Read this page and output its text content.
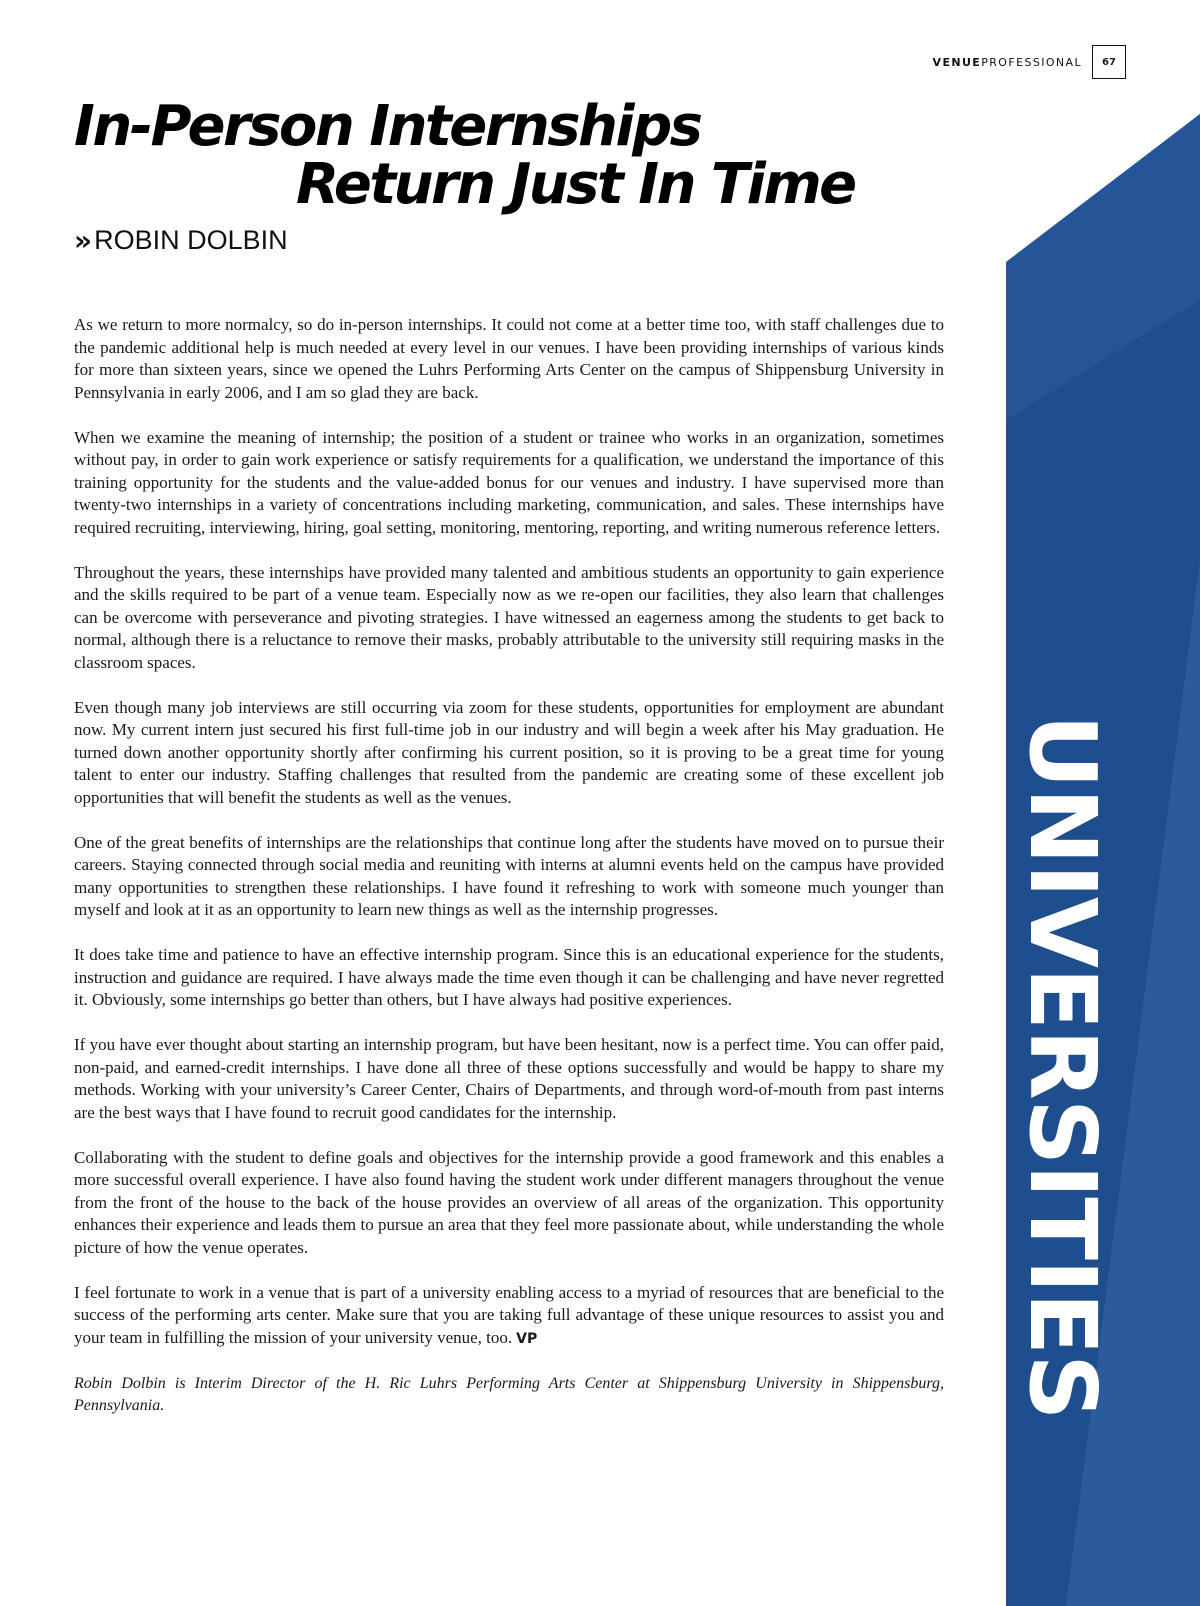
VENUEPROFESSIONAL	67
In-Person Internships
Return Just In Time
» ROBIN DOLBIN

As we return to more normalcy, so do in-person internships. It could not come at a better time too, with staff challenges due to the pandemic additional help is much needed at every level in our venues. I have been providing internships of various kinds for more than sixteen years, since we opened the Luhrs Performing Arts Center on the campus of Shippensburg University in Pennsylvania in early 2006, and I am so glad they are back.

When we examine the meaning of internship; the position of a student or trainee who works in an organization, sometimes without pay, in order to gain work experience or satisfy requirements for a qualification, we understand the importance of this training opportunity for the students and the value-added bonus for our venues and industry. I have supervised more than twenty-two internships in a variety of concentrations including marketing, communication, and sales. These internships have required recruiting, interviewing, hiring, goal setting, monitoring, mentoring, reporting, and writing numerous reference letters.

Throughout the years, these internships have provided many talented and ambitious students an opportunity to gain experience and the skills required to be part of a venue team. Especially now as we re-open our facilities, they also learn that challenges can be overcome with perseverance and pivoting strategies. I have witnessed an eagerness among the students to get back to normal, although there is a reluctance to remove their masks, probably attributable to the university still requiring masks in the classroom spaces.

Even though many job interviews are still occurring via zoom for these students, opportunities for employment are abundant now. My current intern just secured his first full-time job in our industry and will begin a week after his May graduation. He turned down another opportunity shortly after confirming his current position, so it is proving to be a great time for young talent to enter our industry. Staffing challenges that resulted from the pandemic are creating some of these excellent job opportunities that will benefit the students as well as the venues.

One of the great benefits of internships are the relationships that continue long after the students have moved on to pursue their careers. Staying connected through social media and reuniting with interns at alumni events held on the campus have provided many opportunities to strengthen these relationships. I have found it refreshing to work with someone much younger than myself and look at it as an opportunity to learn new things as well as the internship progresses.

It does take time and patience to have an effective internship program. Since this is an educational experience for the students, instruction and guidance are required. I have always made the time even though it can be challenging and have never regretted it. Obviously, some internships go better than others, but I have always had positive experiences.

If you have ever thought about starting an internship program, but have been hesitant, now is a perfect time. You can offer paid, non-paid, and earned-credit internships. I have done all three of these options successfully and would be happy to share my methods. Working with your university’s Career Center, Chairs of Departments, and through word-of-mouth from past interns are the best ways that I have found to recruit good candidates for the internship.

Collaborating with the student to define goals and objectives for the internship provide a good framework and this enables a more successful overall experience. I have also found having the student work under different managers throughout the venue from the front of the house to the back of the house provides an overview of all areas of the organization. This opportunity enhances their experience and leads them to pursue an area that they feel more passionate about, while understanding the whole picture of how the venue operates.

I feel fortunate to work in a venue that is part of a university enabling access to a myriad of resources that are beneficial to the success of the performing arts center. Make sure that you are taking full advantage of these unique resources to assist you and your team in fulfilling the mission of your university venue, too. VP

Robin Dolbin is Interim Director of the H. Ric Luhrs Performing Arts Center at Shippensburg University in Shippensburg, Pennsylvania.	UNIVERSITIES
